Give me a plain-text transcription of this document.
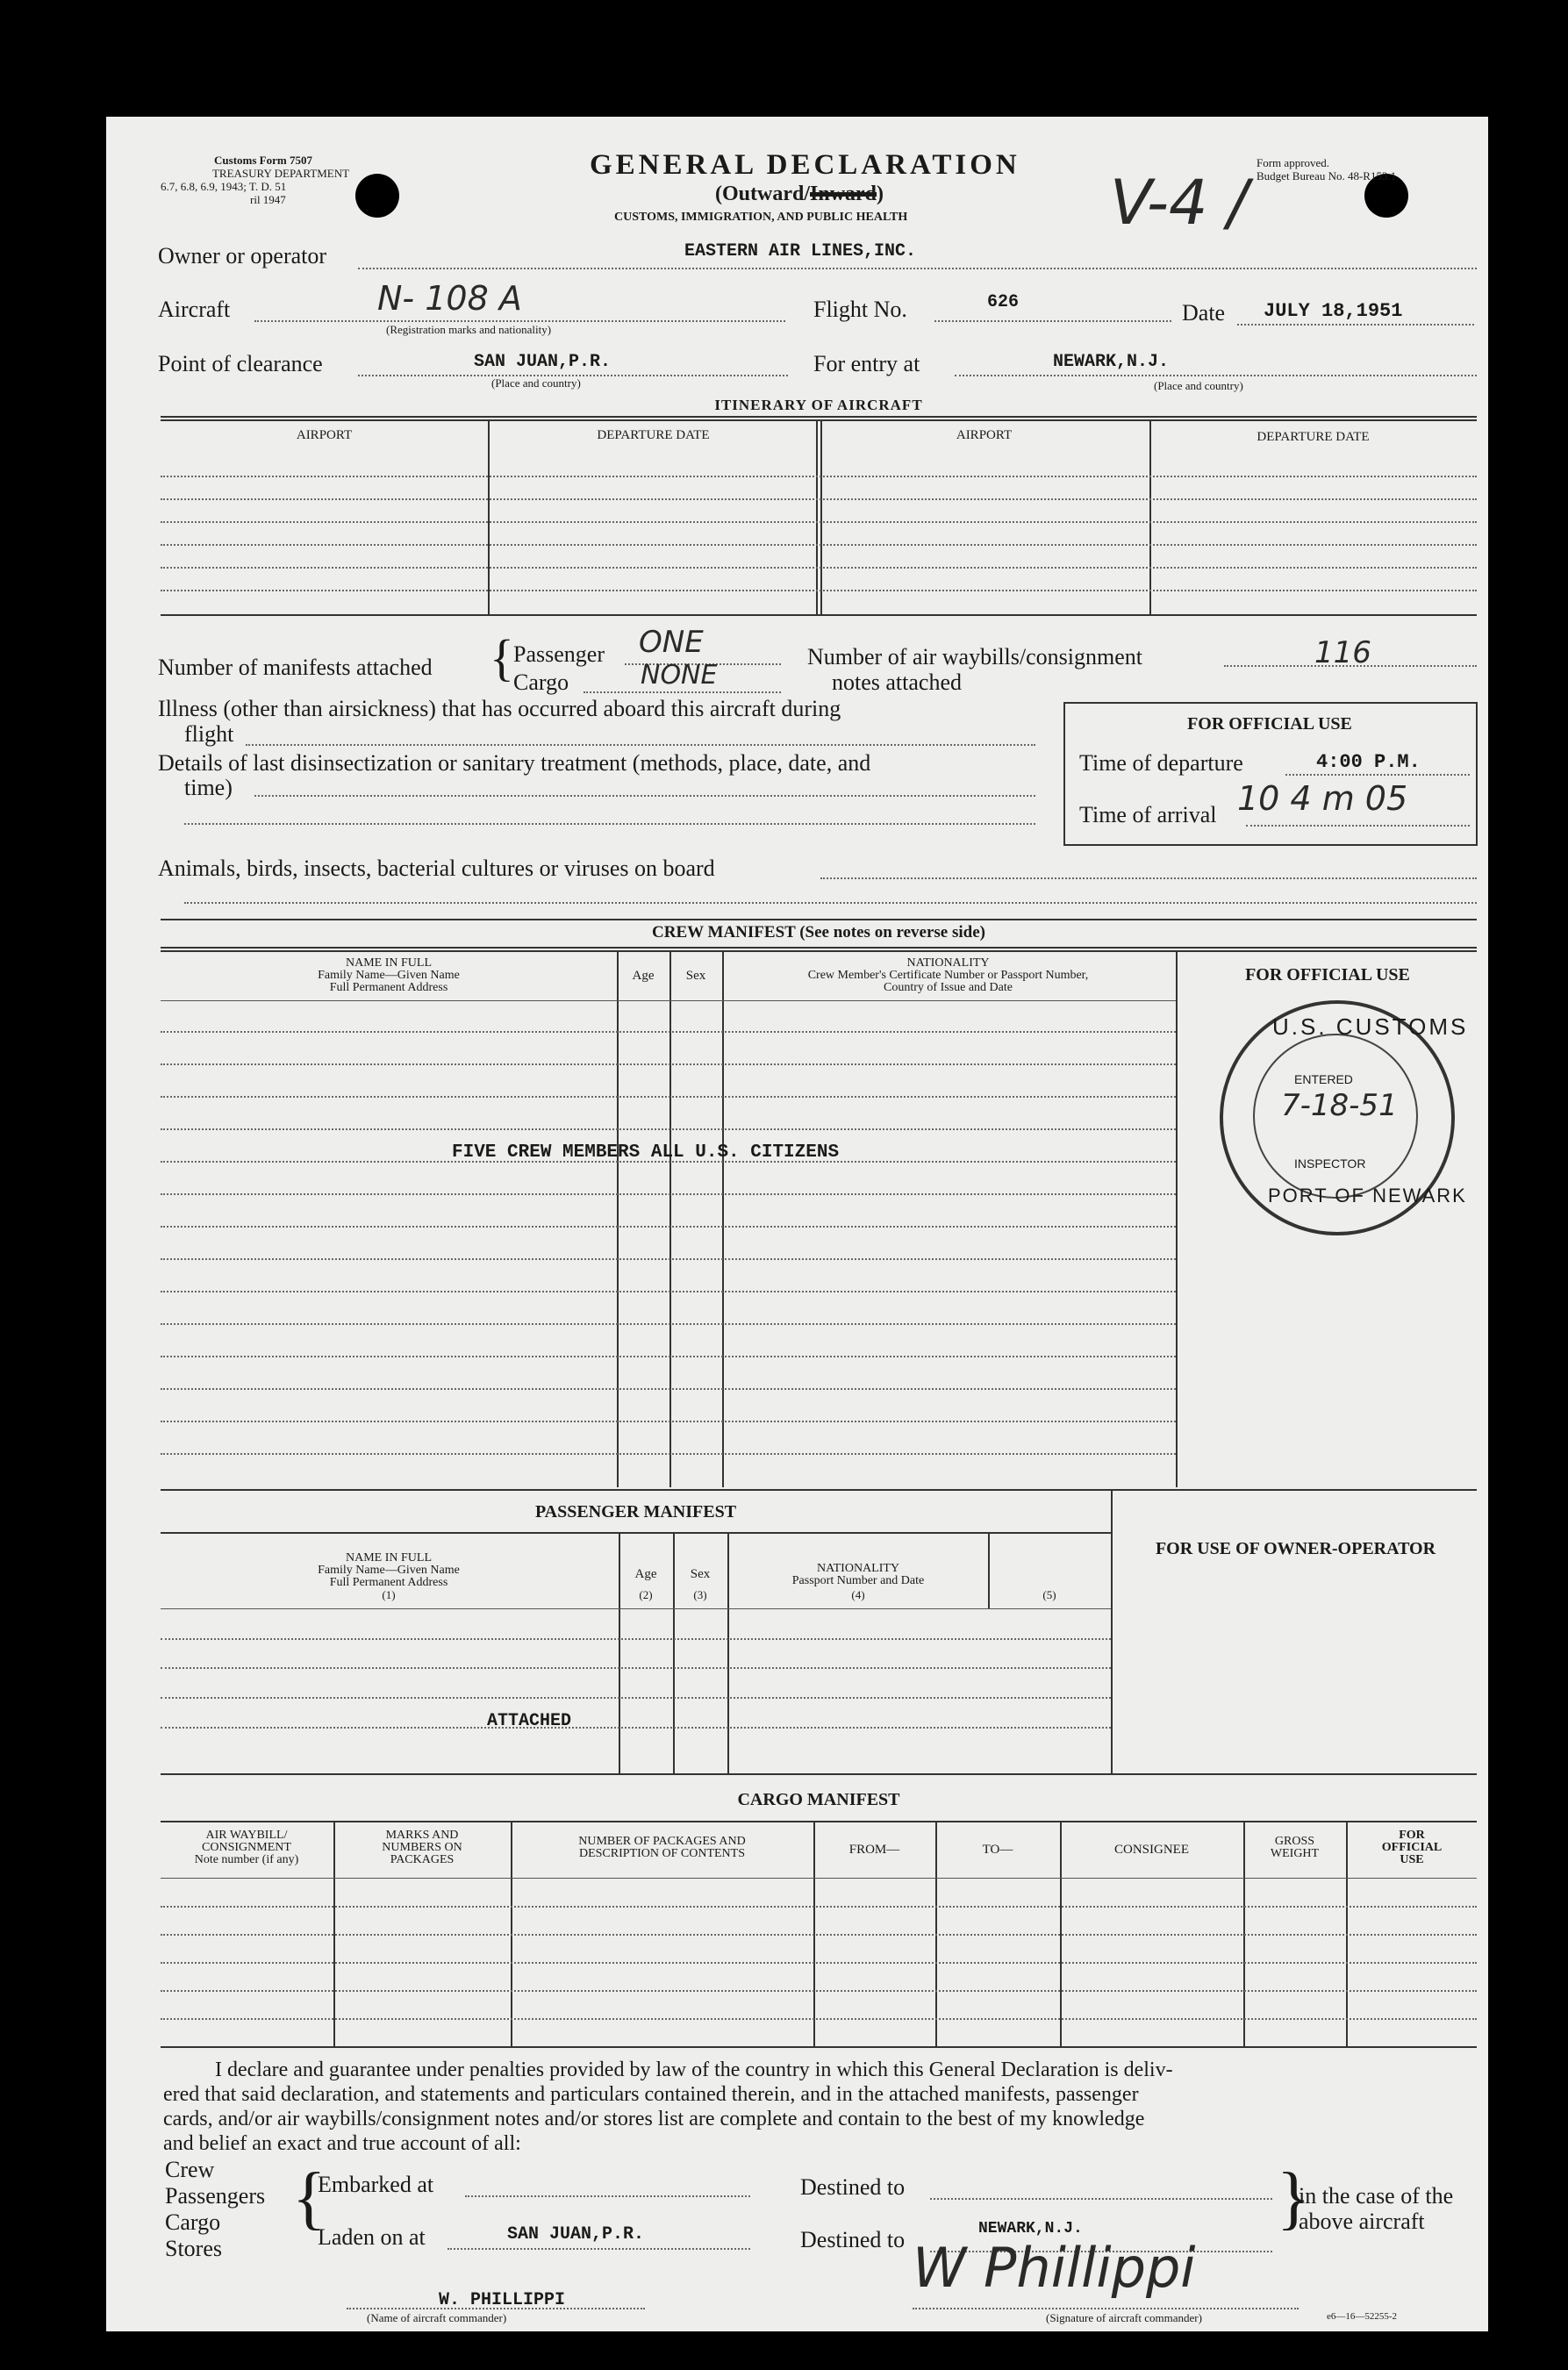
Customs Form 7507
TREASURY DEPARTMENT
6.7, 6.8, 6.9, 1943; T. D. 51
ril 1947
GENERAL DECLARATION
(Outward/Inward)
CUSTOMS, IMMIGRATION, AND PUBLIC HEALTH
Form approved.
Budget Bureau No. 48-R153.1.
V-4 /
Owner or operator	EASTERN AIR LINES,INC.
Aircraft	N- 108 A
(Registration marks and nationality)
Flight No.	626	Date JULY 18,1951
Point of clearance	SAN JUAN,P.R.
(Place and country)
For entry at	NEWARK,N.J.
(Place and country)
ITINERARY OF AIRCRAFT
AIRPORT	DEPARTURE DATE	AIRPORT	DEPARTURE DATE
Number of manifests attached { Passenger ONE
Cargo	NONE
Number of air waybills/consignment
notes attached
116
Illness (other than airsickness) that has occurred aboard this aircraft during
flight
Details of last disinsectization or sanitary treatment (methods, place, date, and
time)
Animals, birds, insects, bacterial cultures or viruses on board
FOR OFFICIAL USE
Time of departure	4:00 P.M.
Time of arrival 10 4 m 05
CREW MANIFEST (See notes on reverse side)
NAME IN FULL
Family Name—Given Name
Full Permanent Address
Age	Sex
NATIONALITY
Crew Member's Certificate Number or Passport Number,
Country of Issue and Date
FOR OFFICIAL USE
FIVE CREW MEMBERS ALL U.S. CITIZENS
U.S. CUSTOMS
ENTERED
7-18-51
INSPECTOR
PORT OF NEWARK
PASSENGER MANIFEST
FOR USE OF OWNER-OPERATOR
NAME IN FULL
Family Name—Given Name
Full Permanent Address
(1)
Age
(2)
Sex
(3)
NATIONALITY
Passport Number and Date
(4)	(5)
ATTACHED
CARGO MANIFEST
AIR WAYBILL/
CONSIGNMENT
Note number (if any)
MARKS AND
NUMBERS ON
PACKAGES
NUMBER OF PACKAGES AND
DESCRIPTION OF CONTENTS	FROM—	TO—	CONSIGNEE
GROSS
WEIGHT
FOR
OFFICIAL
USE
I declare and guarantee under penalties provided by law of the country in which this General Declaration is deliv-
ered that said declaration, and statements and particulars contained therein, and in the attached manifests, passenger
cards, and/or air waybills/consignment notes and/or stores list are complete and contain to the best of my knowledge
and belief an exact and true account of all:
Crew
Passengers
Cargo
Stores
{
Embarked at
Laden on at	SAN JUAN,P.R.
Destined to
Destined to	NEWARK,N.J.	}
in the case of the
above aircraft
W. PHILLIPPI
(Name of aircraft commander)
W Phillippi
(Signature of aircraft commander)	e6—16—52255-2
